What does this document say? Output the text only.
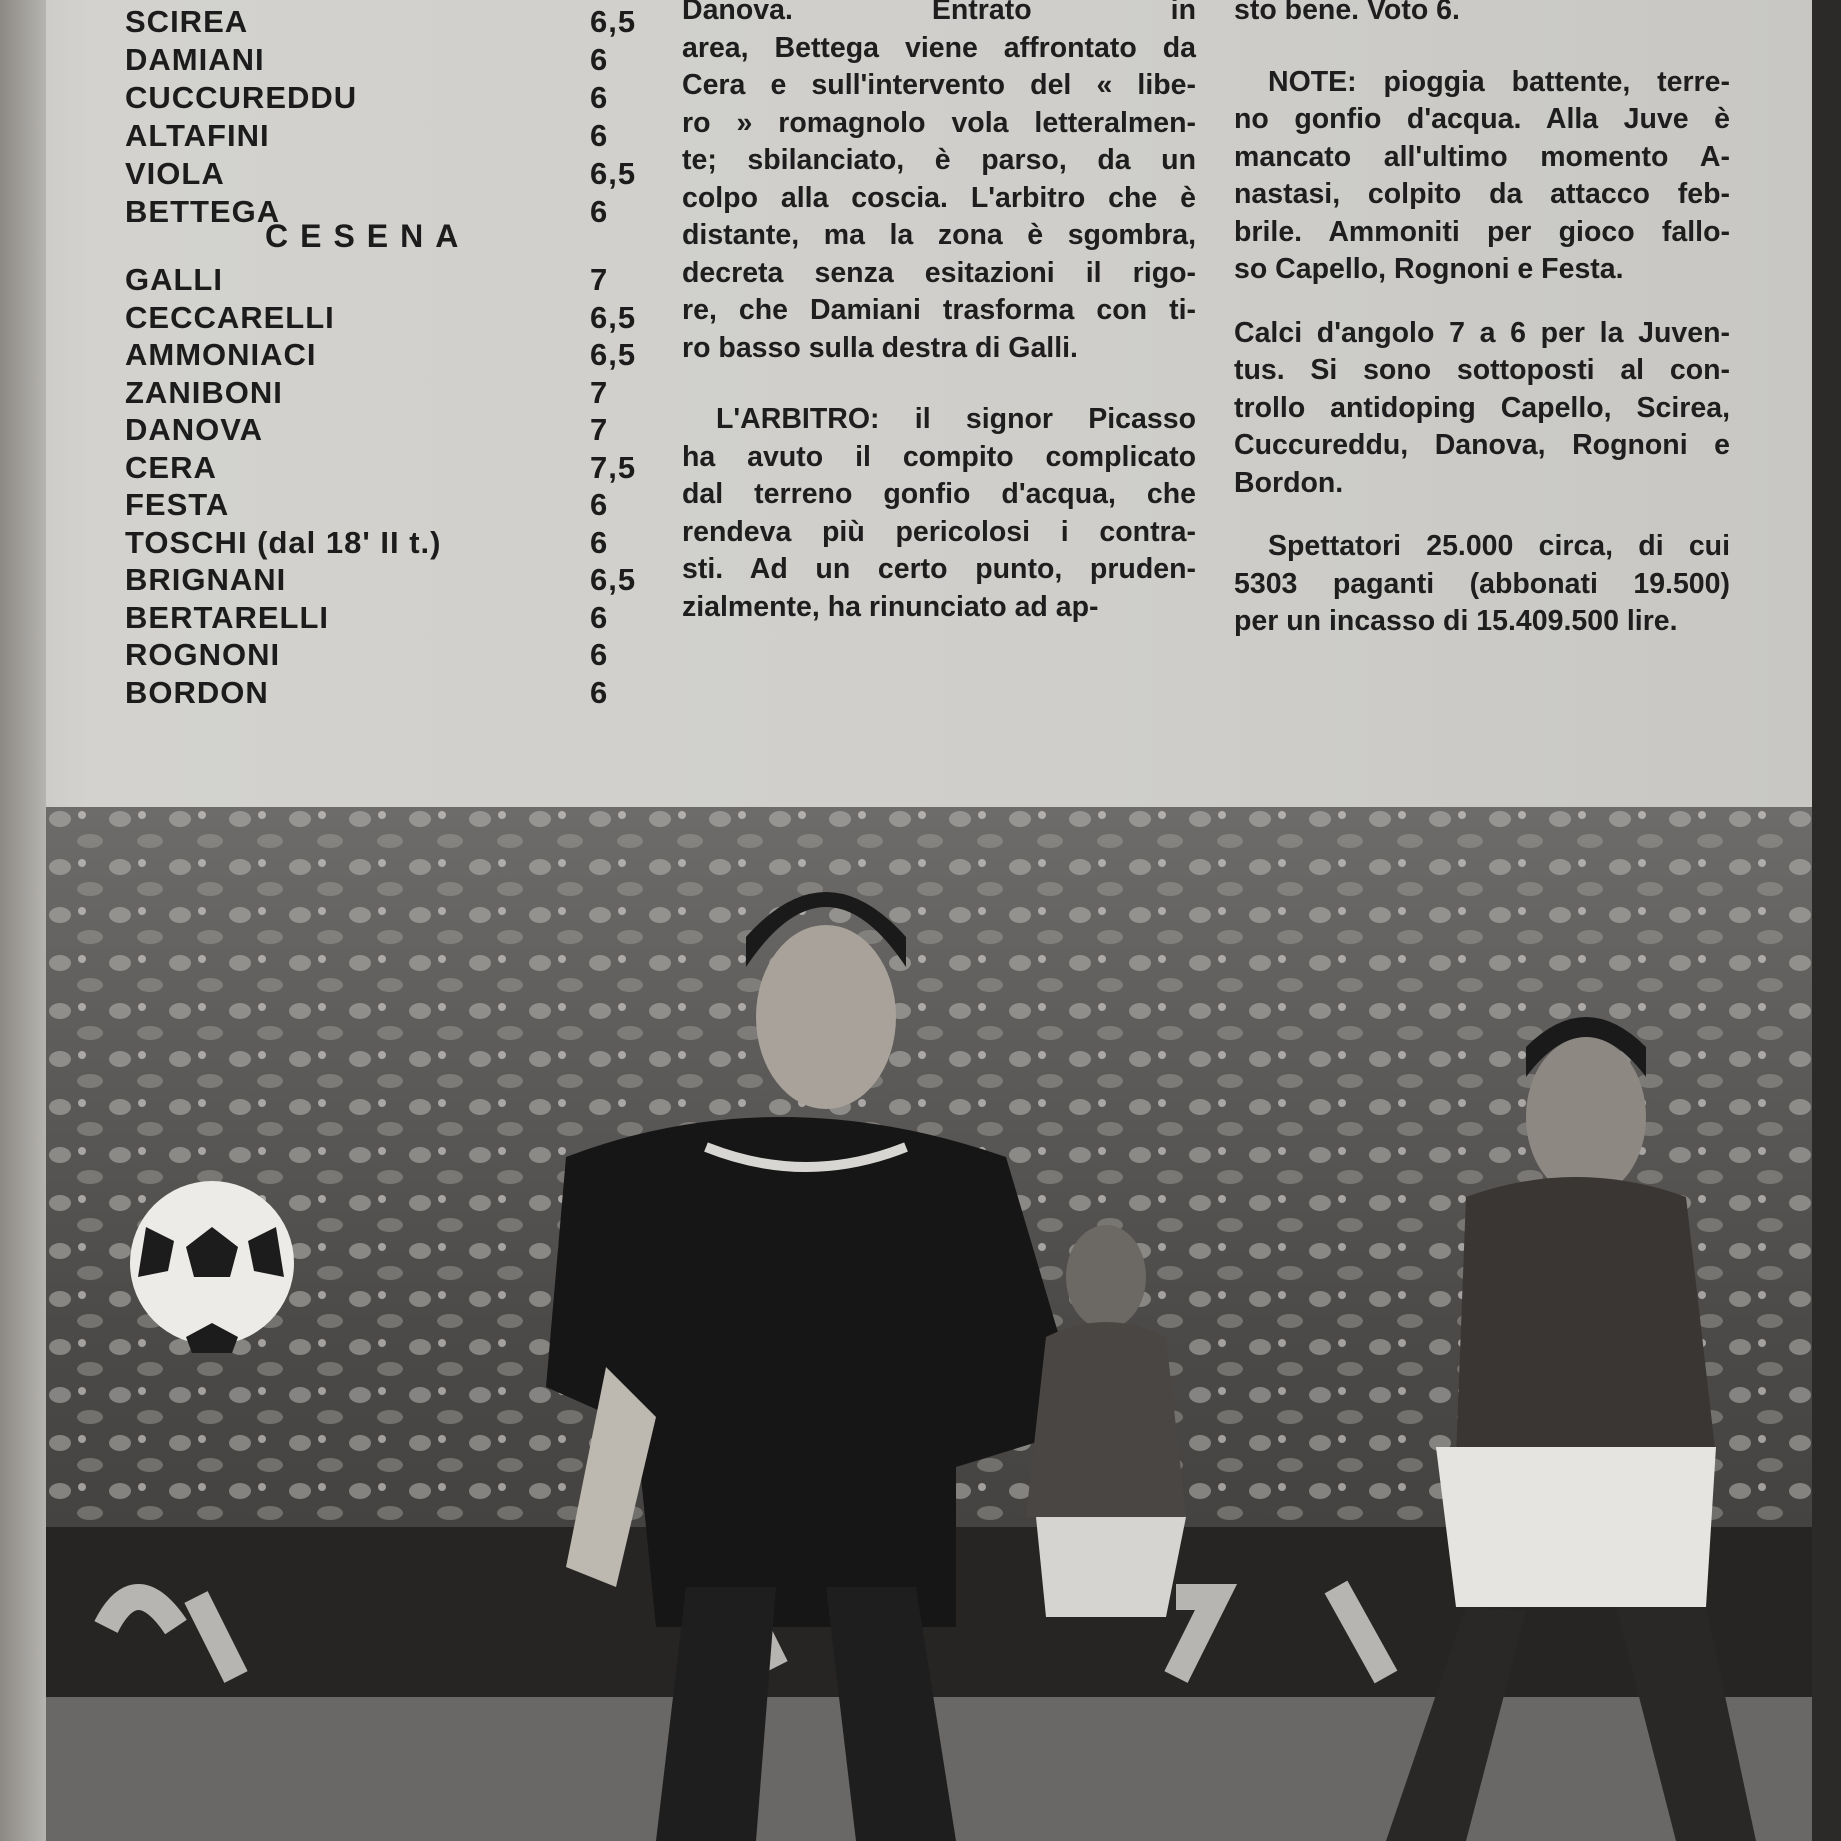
SCIREA	6,5
DAMIANI	6
CUCCUREDDU	6
ALTAFINI	6
VIOLA	6,5
BETTEGA	6
CESENA
GALLI	7
CECCARELLI	6,5
AMMONIACI	6,5
ZANIBONI	7
DANOVA	7
CERA	7,5
FESTA	6
TOSCHI (dal 18' II t.)	6
BRIGNANI	6,5
BERTARELLI	6
ROGNONI	6
BORDON	6

Danova. Entrato in

area, Bettega viene affrontato da

Cera e sull'intervento del « libe-

ro » romagnolo vola letteralmen-

te; sbilanciato, è parso, da un

colpo alla coscia. L'arbitro che è

distante, ma la zona è sgombra,

decreta senza esitazioni il rigo-

re, che Damiani trasforma con ti-

ro basso sulla destra di Galli.

L'ARBITRO: il signor Picasso

ha avuto il compito complicato

dal terreno gonfio d'acqua, che

rendeva più pericolosi i contra-

sti. Ad un certo punto, pruden-

zialmente, ha rinunciato ad ap-

sto bene. Voto 6.

NOTE: pioggia battente, terre-

no gonfio d'acqua. Alla Juve è

mancato all'ultimo momento A-

nastasi, colpito da attacco feb-

brile. Ammoniti per gioco fallo-

so Capello, Rognoni e Festa.

Calci d'angolo 7 a 6 per la Juven-

tus. Si sono sottoposti al con-

trollo antidoping Capello, Scirea,

Cuccureddu, Danova, Rognoni e

Bordon.

Spettatori 25.000 circa, di cui

5303 paganti (abbonati 19.500)

per un incasso di 15.409.500 lire.
